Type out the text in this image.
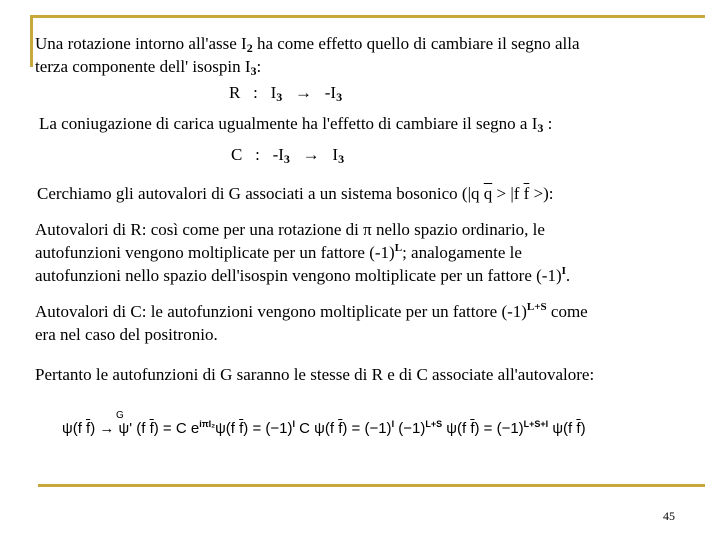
Una rotazione intorno all'asse $I_2$ ha come effetto quello di cambiare il segno alla
terza componente dell' isospin $I_3$:
R : $I_3 \to -I_3$
La coniugazione di carica ugualmente ha l'effetto di cambiare il segno a $I_3$ :
C : $-I_3 \to I_3$
Cerchiamo gli autovalori di G associati a un sistema bosonico (|q $\overline{q} > |f$ $\overline{f}$ >):
Autovalori di R: così come per una rotazione di π nello spazio ordinario, le
autofunzioni vengono moltiplicate per un fattore $(-1)^L$; analogamente le
autofunzioni nello spazio dell'isospin vengono moltiplicate per un fattore $(-1)^I$.
Autovalori di C: le autofunzioni vengono moltiplicate per un fattore $(-1)^{L+S}$ come
era nel caso del positronio.
Pertanto le autofunzioni di G saranno le stesse di R e di C associate all'autovalore:
G
ψ(f $\overline{f}) \to \psi'$ (f $\overline{f}) = C$ $e^{i\pi I_2}\psi(f$ $\overline{f}) = (-1)^I$ C ψ(f $\overline{f}) = (-1)^I$ $(-1)^{L+S}$ ψ(f $\overline{f}) = (-1)^{L+S+I}$ ψ(f $\overline{f}$)
45
